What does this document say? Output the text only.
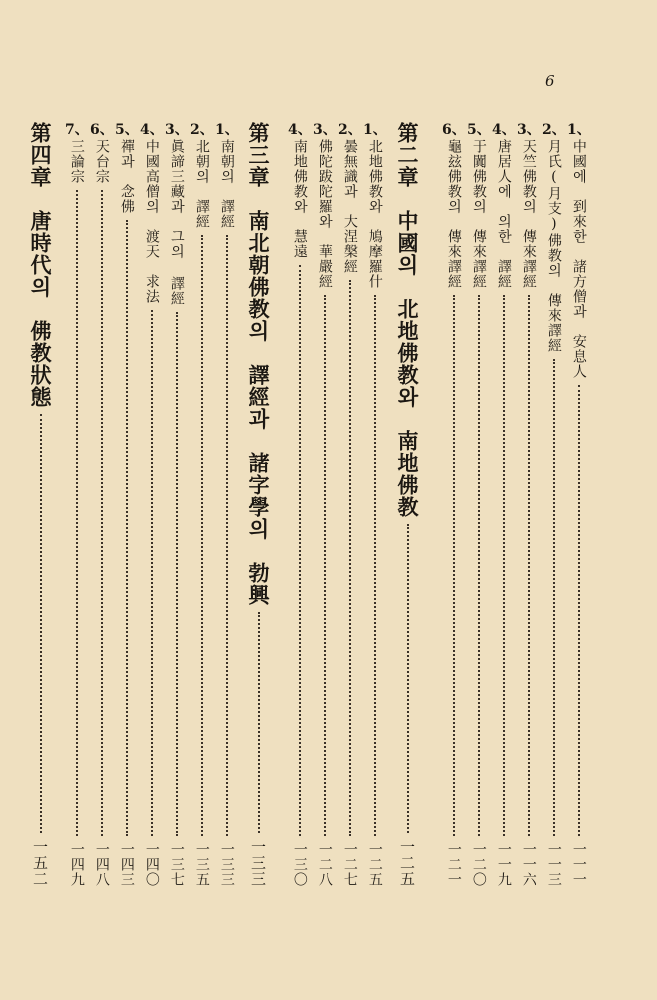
6
1、
中國에　到來한　諸方僧과　安息人
一一一
2、
月氏(月支)佛教의　傳來譯經
一一三
3、
天竺佛教의　傳來譯經
一一六
4、
唐居人에　의한　譯經
一一九
5、
于闐佛教의　傳來譯經
一二〇
6、
龜玆佛教의　傳來譯經
一二一
第二章　中國의　北地佛教와　南地佛教
一二五
1、
北地佛教와　鳩摩羅什
一二五
2、
曇無識과　大涅槃經
一二七
3、
佛陀跋陀羅와　華嚴經
一二八
4、
南地佛教와　慧遠
一三〇
第三章　南北朝佛教의　譯經과　諸字學의　勃興
一三三
1、
南朝의　譯經
一三三
2、
北朝의　譯經
一三五
3、
眞諦三藏과　그의 譯經
一三七
4、
中國高僧의　渡天　求法
一四〇
5、
禪과　念佛
一四三
6、
天台宗
一四八
7、
三論宗
一四九
第四章　唐時代의　佛教狀態
一五二
